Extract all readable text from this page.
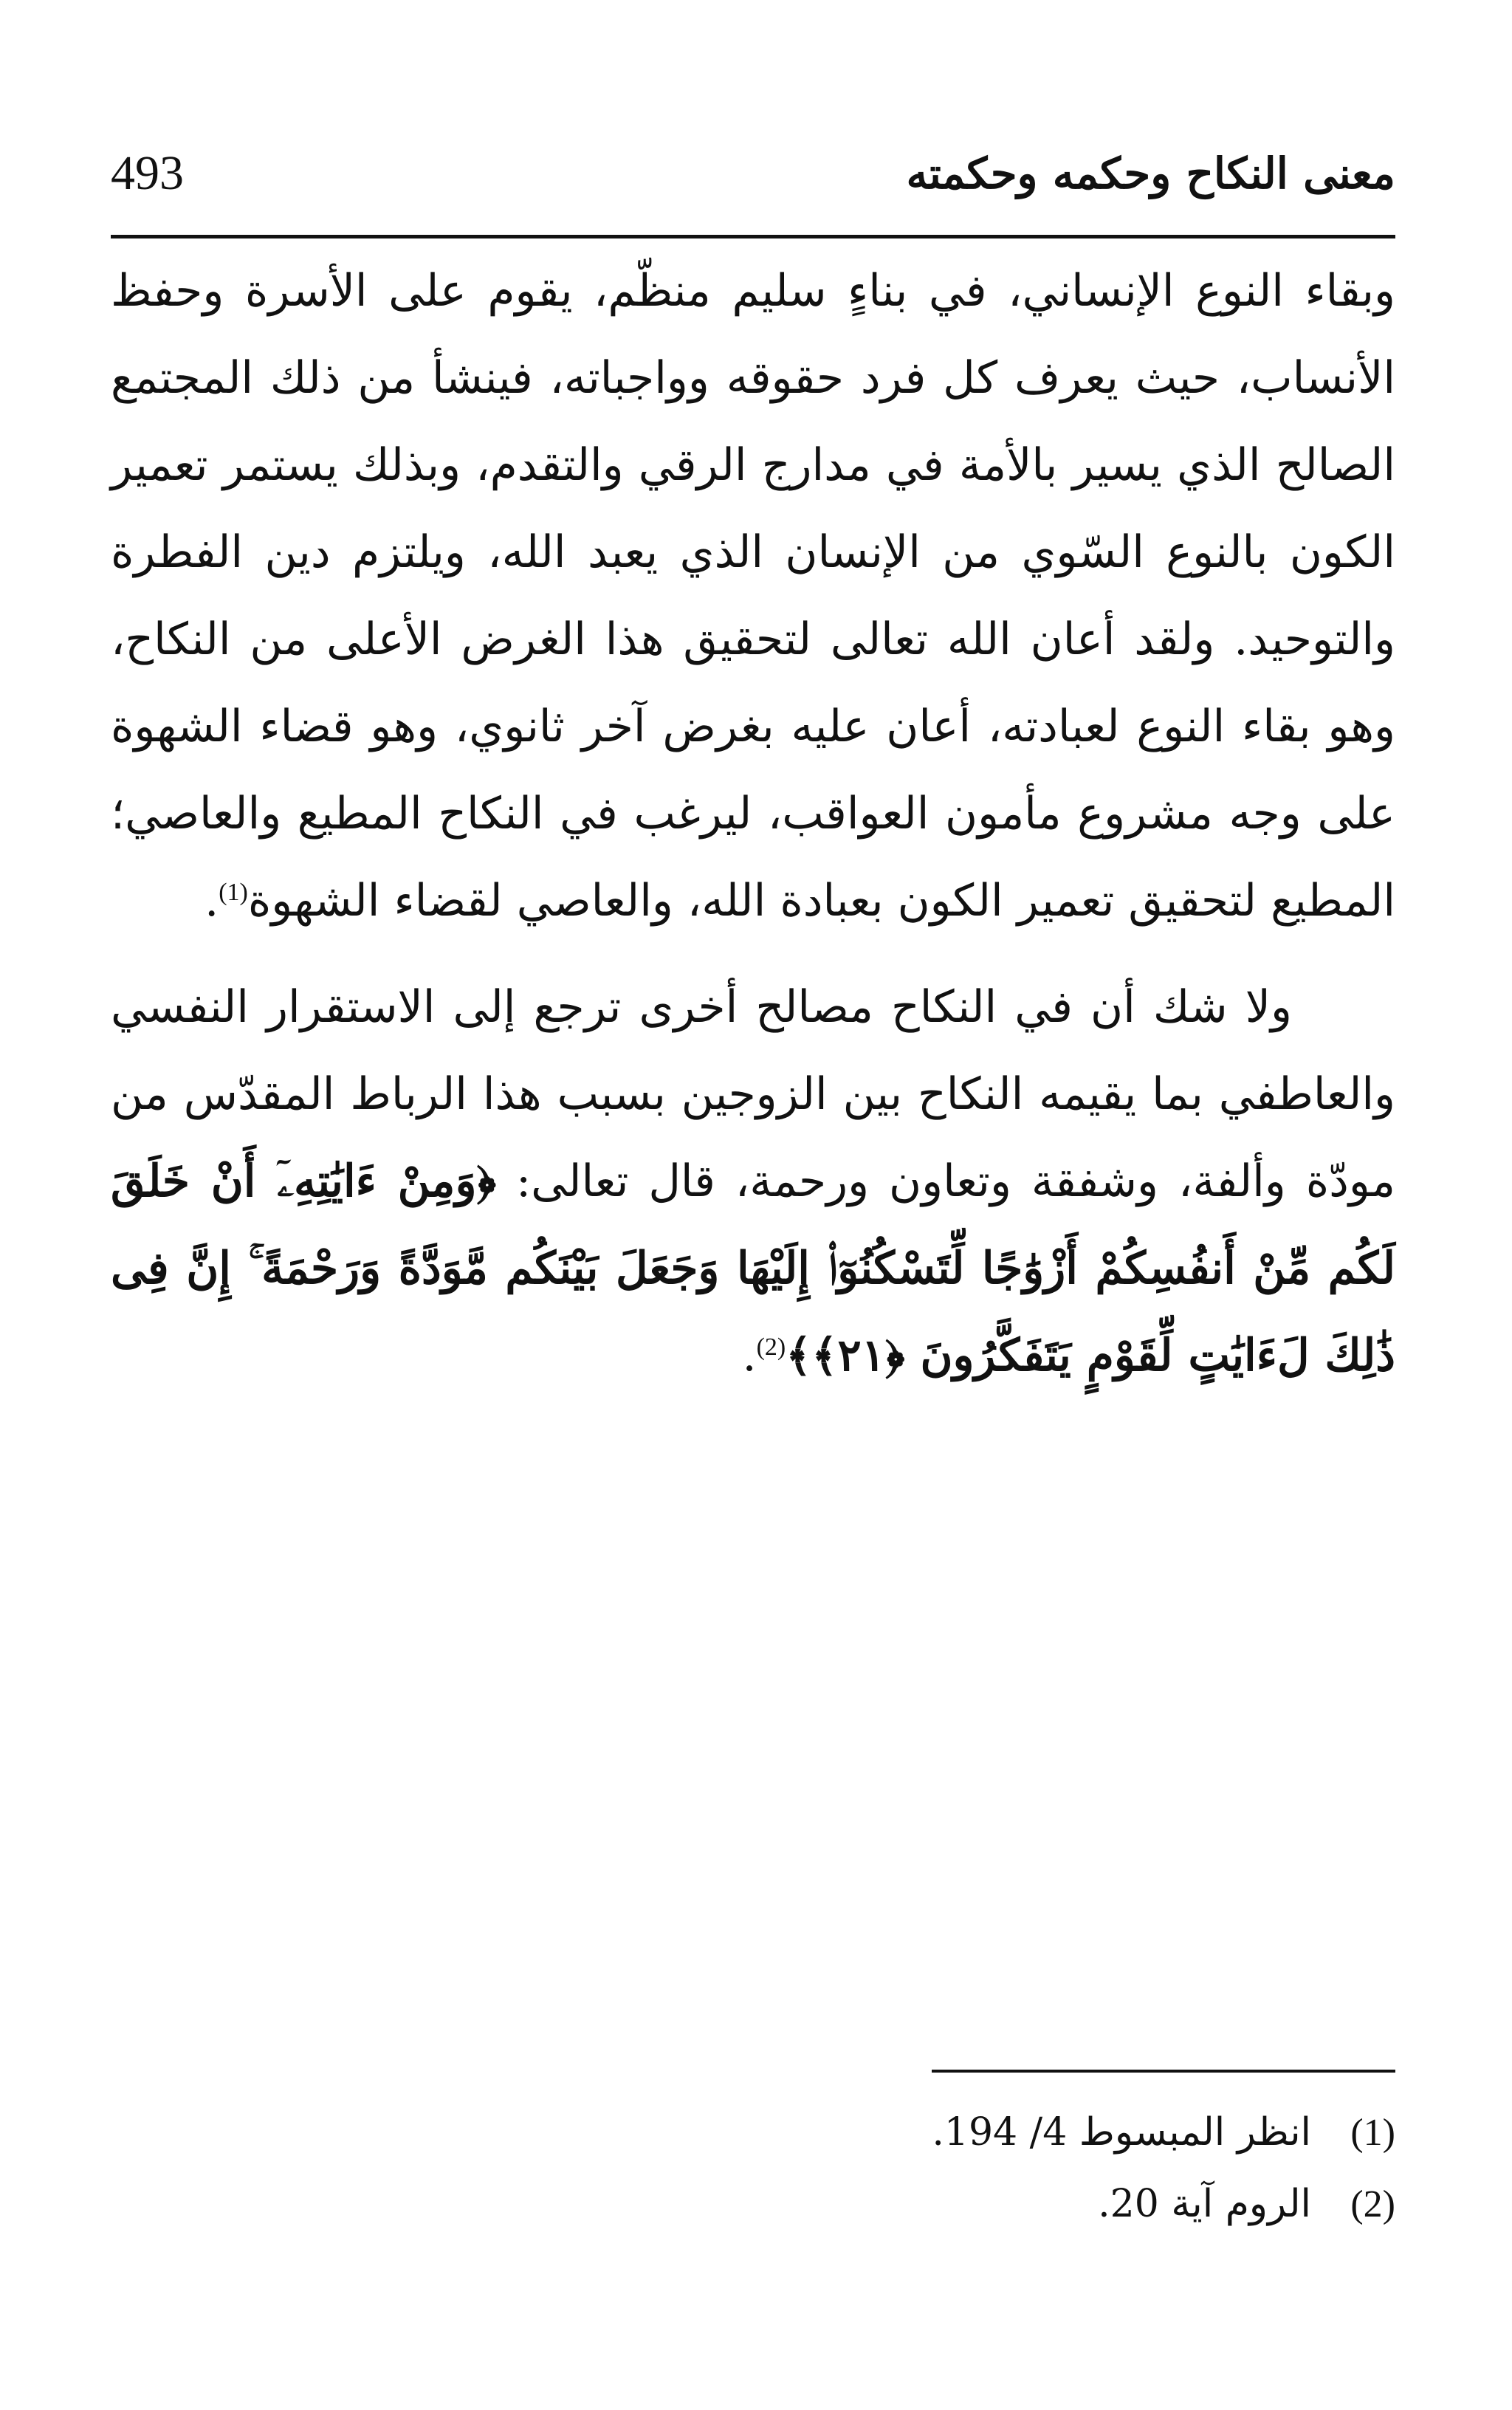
493	معنى النكاح وحكمه وحكمته

وبقاء النوع الإنساني، في بناءٍ سليم منظّم، يقوم على الأسرة وحفظ الأنساب، حيث يعرف كل فرد حقوقه وواجباته، فينشأ من ذلك المجتمع الصالح الذي يسير بالأمة في مدارج الرقي والتقدم، وبذلك يستمر تعمير الكون بالنوع السّوي من الإنسان الذي يعبد الله، ويلتزم دين الفطرة والتوحيد. ولقد أعان الله تعالى لتحقيق هذا الغرض الأعلى من النكاح، وهو بقاء النوع لعبادته، أعان عليه بغرض آخر ثانوي، وهو قضاء الشهوة على وجه مشروع مأمون العواقب، ليرغب في النكاح المطيع والعاصي؛ المطيع لتحقيق تعمير الكون بعبادة الله، والعاصي لقضاء الشهوة$^{(1)}$.

ولا شك أن في النكاح مصالح أخرى ترجع إلى الاستقرار النفسي والعاطفي بما يقيمه النكاح بين الزوجين بسبب هذا الرباط المقدّس من مودّة وألفة، وشفقة وتعاون ورحمة، قال تعالى: ﴿وَمِنْ ءَايَٰتِهِۦٓ أَنْ خَلَقَ لَكُم مِّنْ أَنفُسِكُمْ أَزْوَٰجًا لِّتَسْكُنُوٓا۟ إِلَيْهَا وَجَعَلَ بَيْنَكُم مَّوَدَّةً وَرَحْمَةً ۚ إِنَّ فِى ذَٰلِكَ لَءَايَٰتٍ لِّقَوْمٍ يَتَفَكَّرُونَ ﴿٢١﴾﴾$^{(2)}$.

(1)
انظر المبسوط 4/ 194.
(2)
الروم آية 20.
